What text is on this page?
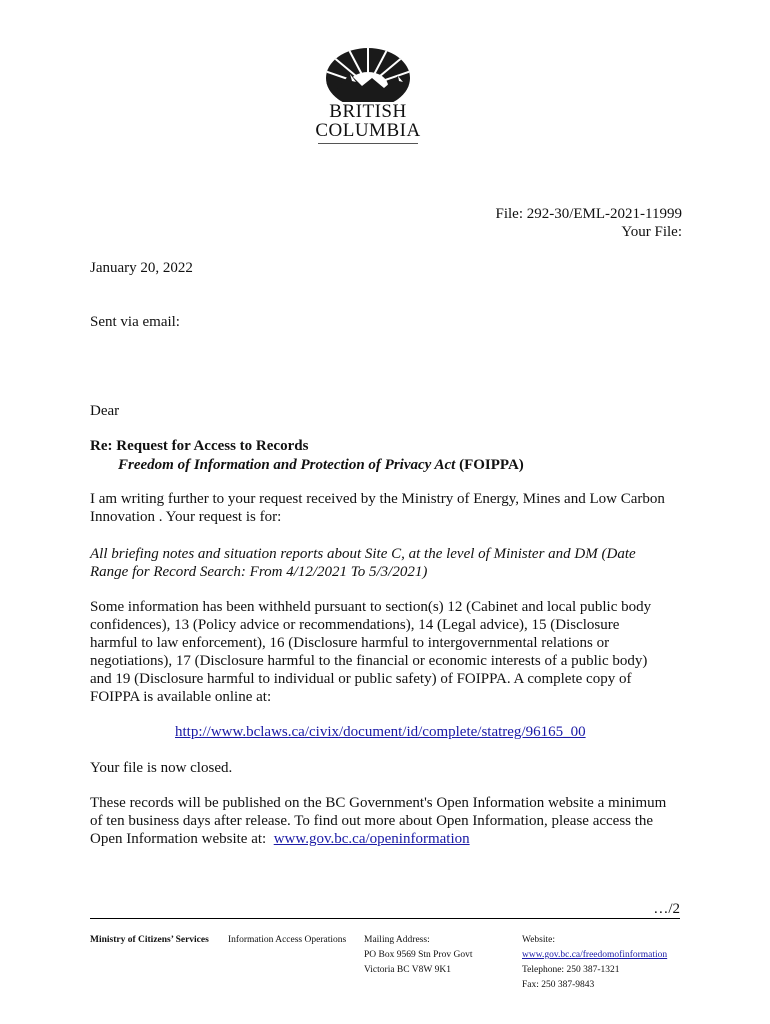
BRITISH
COLUMBIA
File: 292-30/EML-2021-11999
Your File:
January 20, 2022
Sent via email:
Dear
Re: Request for Access to Records
Freedom of Information and Protection of Privacy Act (FOIPPA)
I am writing further to your request received by the Ministry of Energy, Mines and Low Carbon
Innovation . Your request is for:
All briefing notes and situation reports about Site C, at the level of Minister and DM (Date
Range for Record Search: From 4/12/2021 To 5/3/2021)
Some information has been withheld pursuant to section(s) 12 (Cabinet and local public body
confidences), 13 (Policy advice or recommendations), 14 (Legal advice), 15 (Disclosure
harmful to law enforcement), 16 (Disclosure harmful to intergovernmental relations or
negotiations), 17 (Disclosure harmful to the financial or economic interests of a public body)
and 19 (Disclosure harmful to individual or public safety) of FOIPPA. A complete copy of
FOIPPA is available online at:
http://www.bclaws.ca/civix/document/id/complete/statreg/96165_00
Your file is now closed.
These records will be published on the BC Government's Open Information website a minimum
of ten business days after release. To find out more about Open Information, please access the
Open Information website at:  www.gov.bc.ca/openinformation
…/2
Ministry of Citizens’ Services Information Access Operations Mailing Address:
PO Box 9569 Stn Prov Govt
Victoria BC V8W 9K1
Website:
www.gov.bc.ca/freedomofinformation
Telephone: 250 387-1321
Fax: 250 387-9843
